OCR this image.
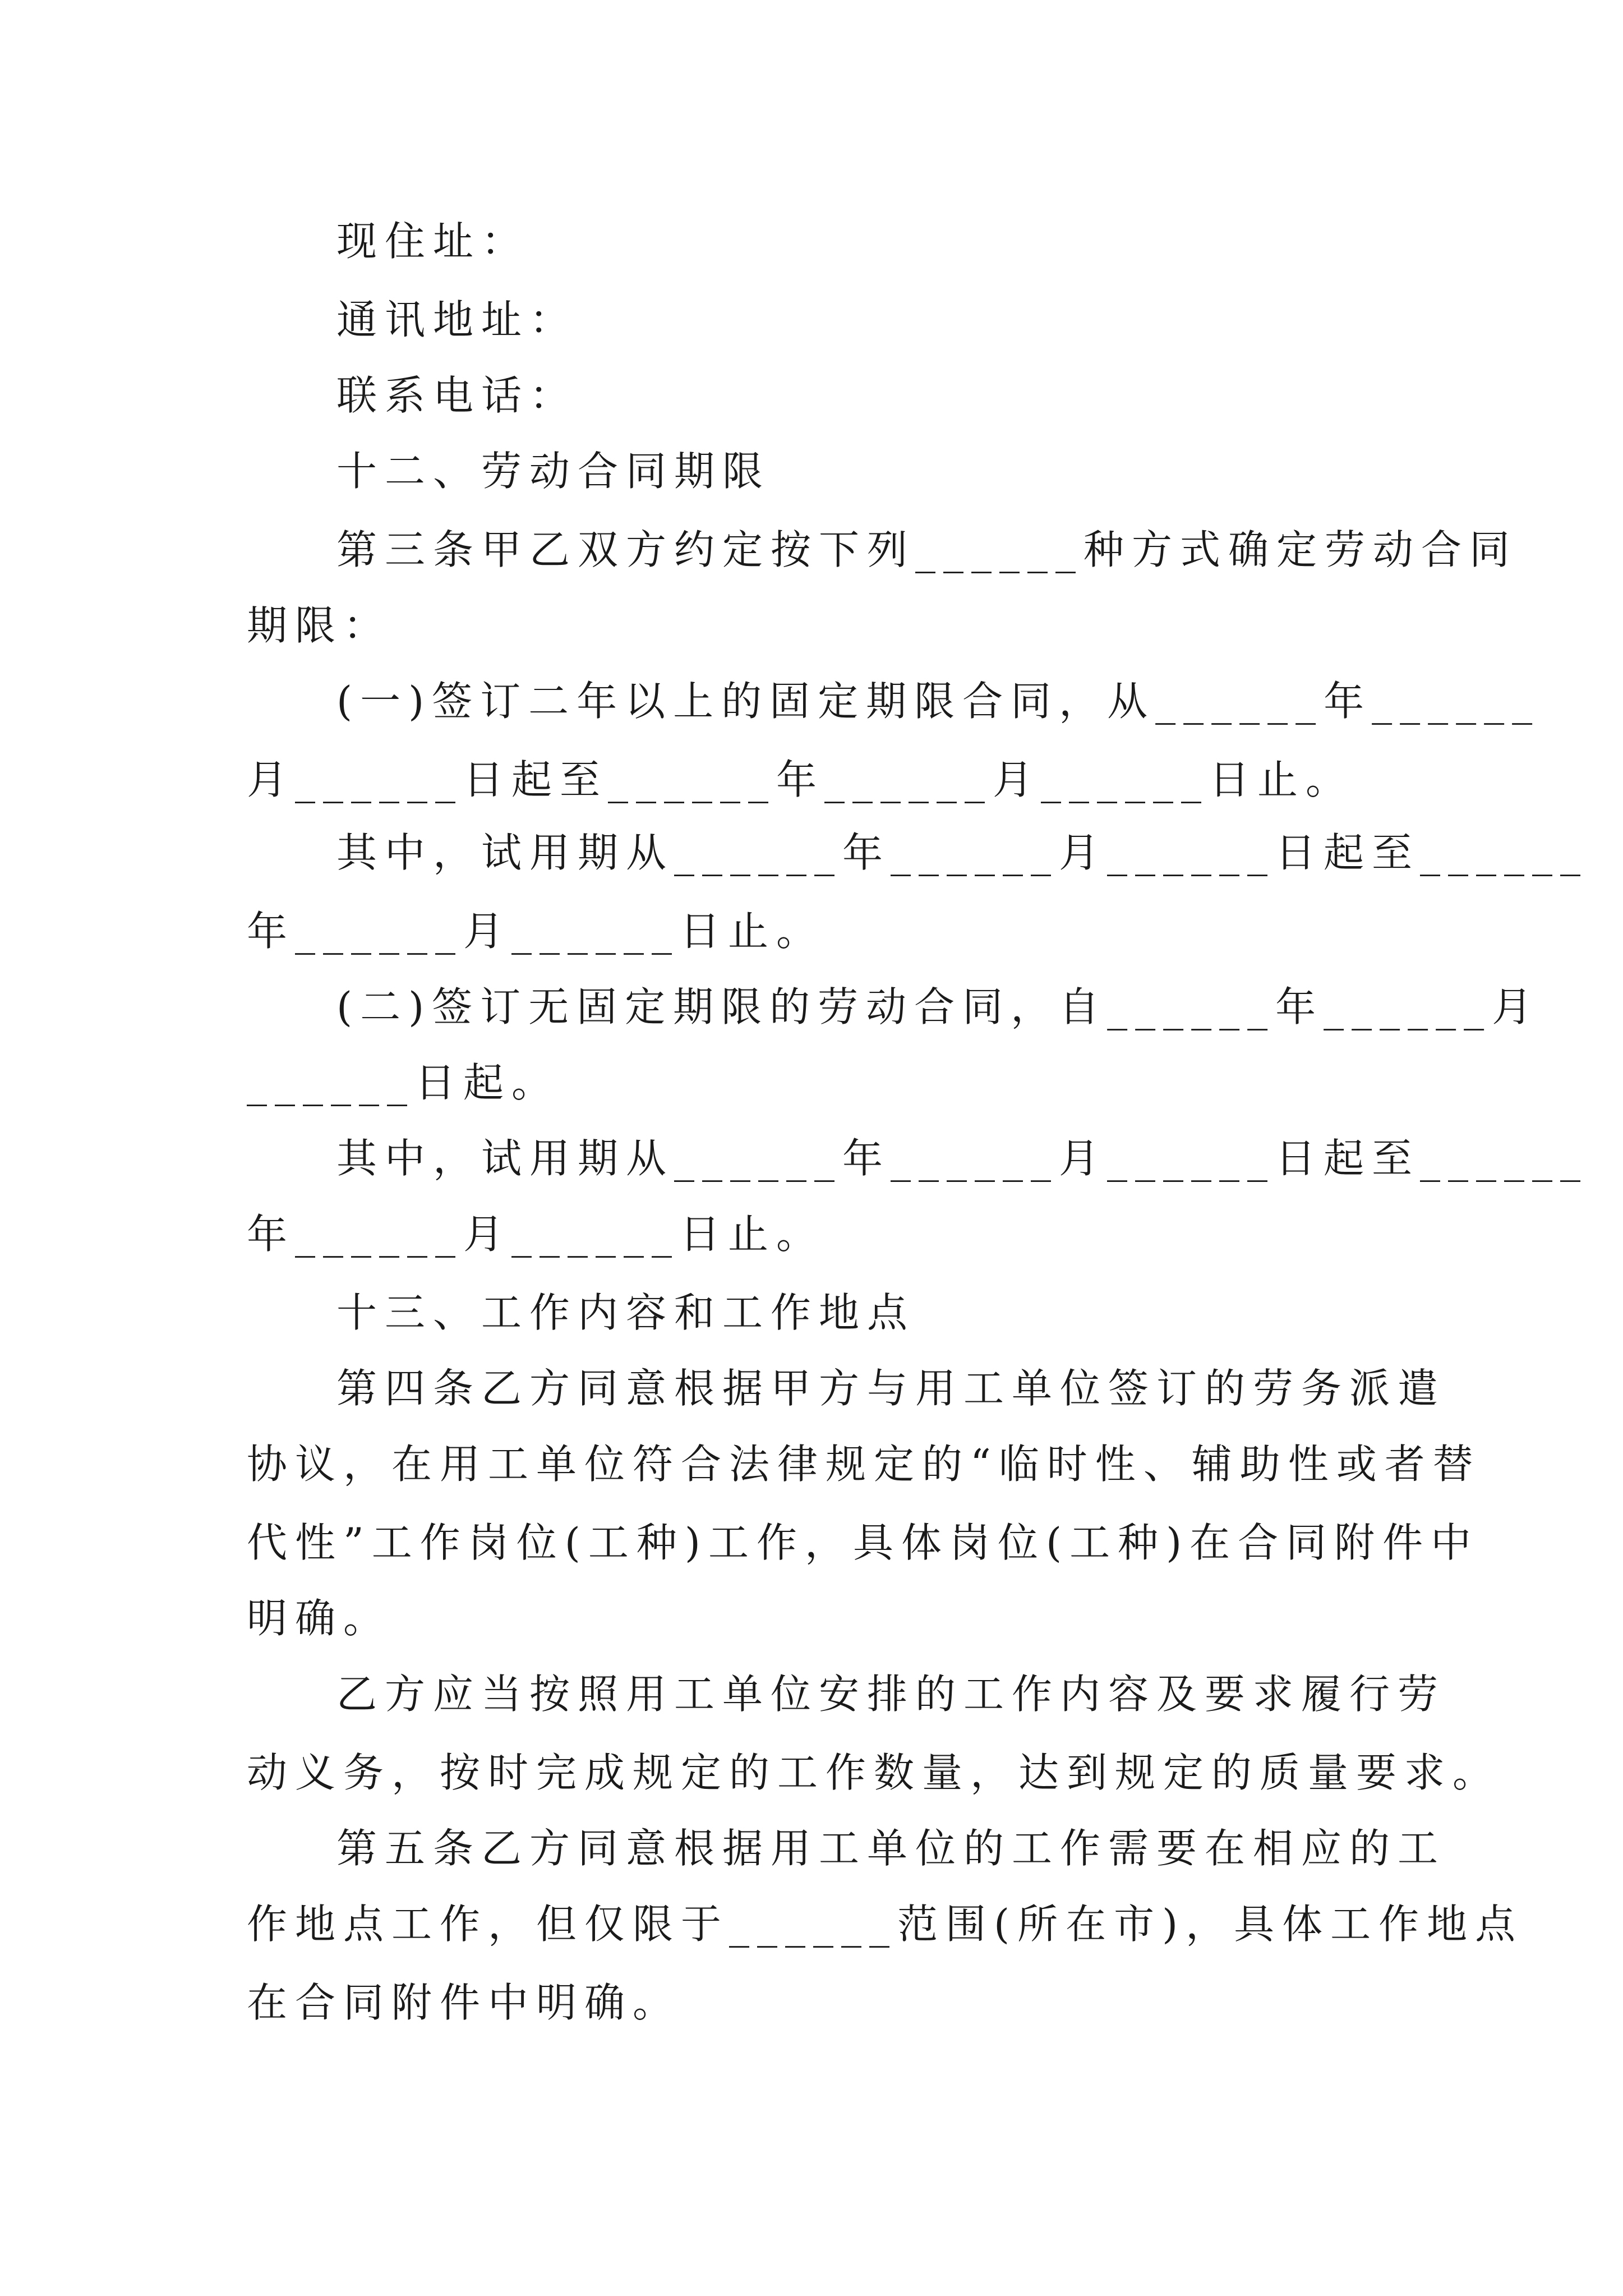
现住址：
通讯地址：
联系电话：
十二、劳动合同期限
第三条甲乙双方约定按下列______种方式确定劳动合同
期限：
(一)签订二年以上的固定期限合同，从______年______
月______日起至______年______月______日止。
其中，试用期从______年______月______日起至______
年______月______日止。
(二)签订无固定期限的劳动合同，自______年______月
______日起。
其中，试用期从______年______月______日起至______
年______月______日止。
十三、工作内容和工作地点
第四条乙方同意根据甲方与用工单位签订的劳务派遣
协议，在用工单位符合法律规定的“临时性、辅助性或者替
代性”工作岗位(工种)工作，具体岗位(工种)在合同附件中
明确。
乙方应当按照用工单位安排的工作内容及要求履行劳
动义务，按时完成规定的工作数量，达到规定的质量要求。
第五条乙方同意根据用工单位的工作需要在相应的工
作地点工作，但仅限于______范围(所在市)，具体工作地点
在合同附件中明确。
